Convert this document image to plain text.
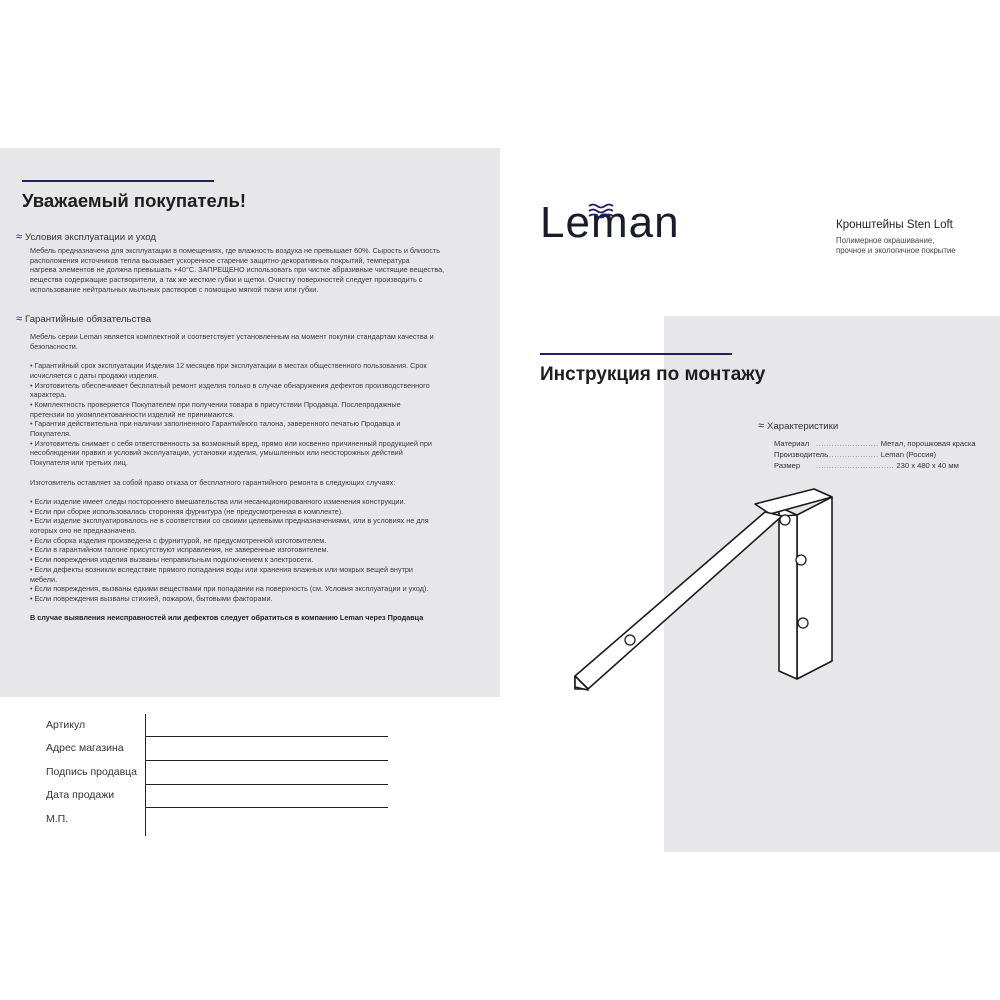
Уважаемый покупатель!
≈ Условия эксплуатации и уход

Мебель предназначена для эксплуатации в помещениях, где влажность воздуха не превышает 60%. Сырость и близость

расположения источников тепла вызывает ускоренное старение защитно-декоративных покрытий, температура

нагрева элементов не должна превышать +40°С. ЗАПРЕЩЕНО использовать при чистке абразивные чистящие вещества,

вещества содержащие растворители, а так же жесткие губки и щетки. Очистку поверхностей следует производить с

использование нейтральных мыльных растворов с помощью мягкой ткани или губки.

≈ Гарантийные обязательства

Мебель серии Leman является комплектной и соответствует установленным на момент покупки стандартам качества и

безопасности.

• Гарантийный срок эксплуатации Изделия 12 месяцев при эксплуатации в местах общественного пользования. Срок

исчисляется с даты продажи изделия.

• Изготовитель обеспечивает бесплатный ремонт изделия только в случае обнаружения дефектов производственного

характера.

• Комплектность проверяется Покупателем при получении товара в присутствии Продавца. Послепродажные

претензии по укомплектованности изделий не принимаются.

• Гарантия действительна при наличии заполненного Гарантийного талона, заверенного печатью Продавца и

Покупателя.

• Изготовитель снимает с себя ответственность за возможный вред, прямо или косвенно причиненный продукцией при

несоблюдении правил и условий эксплуатации, установки изделия, умышленных или неосторожных действий

Покупателя или третьих лиц.

Изготовитель оставляет за собой право отказа от бесплатного гарантийного ремонта в следующих случаях:

• Если изделие имеет следы постороннего вмешательства или несанкционированного изменения конструкции.

• Если при сборке использовалась сторонняя фурнитура (не предусмотренная в комплекте).

• Если изделие эксплуатировалось не в соответствии со своими целевыми предназначениями, или в условиях не для

которых оно не предназначено.

• Если сборка изделия произведена с фурнитурой, не предусмотренной изготовителем.

• Если в гарантийном талоне присутствуют исправления, не заверенные изготовителем.

• Если повреждения изделия вызваны неправильным подключением к электросети.

• Если дефекты возникли вследствие прямого попадания воды или хранения влажных или мокрых вещей внутри

мебели.

• Если повреждения, вызваны едкими веществами при попадании на поверхность (см. Условия эксплуатации и уход).

• Если повреждения вызваны стихией, пожаром, бытовыми факторами.

В случае выявления неисправностей или дефектов следует обратиться в компанию Leman через Продавца

Артикул
Адрес магазина
Подпись продавца
Дата продажи
М.П.
Leman	Кронштейны Sten Loft
Полимерное окрашивание,
прочное и экологичное покрытие
Инструкция по монтажу
≈ Характеристики
Материал ........................ Метал, порошковая краска
Производитель........................ Leman (Россия)
Размер .............................. 230 х 480 х 40 мм
